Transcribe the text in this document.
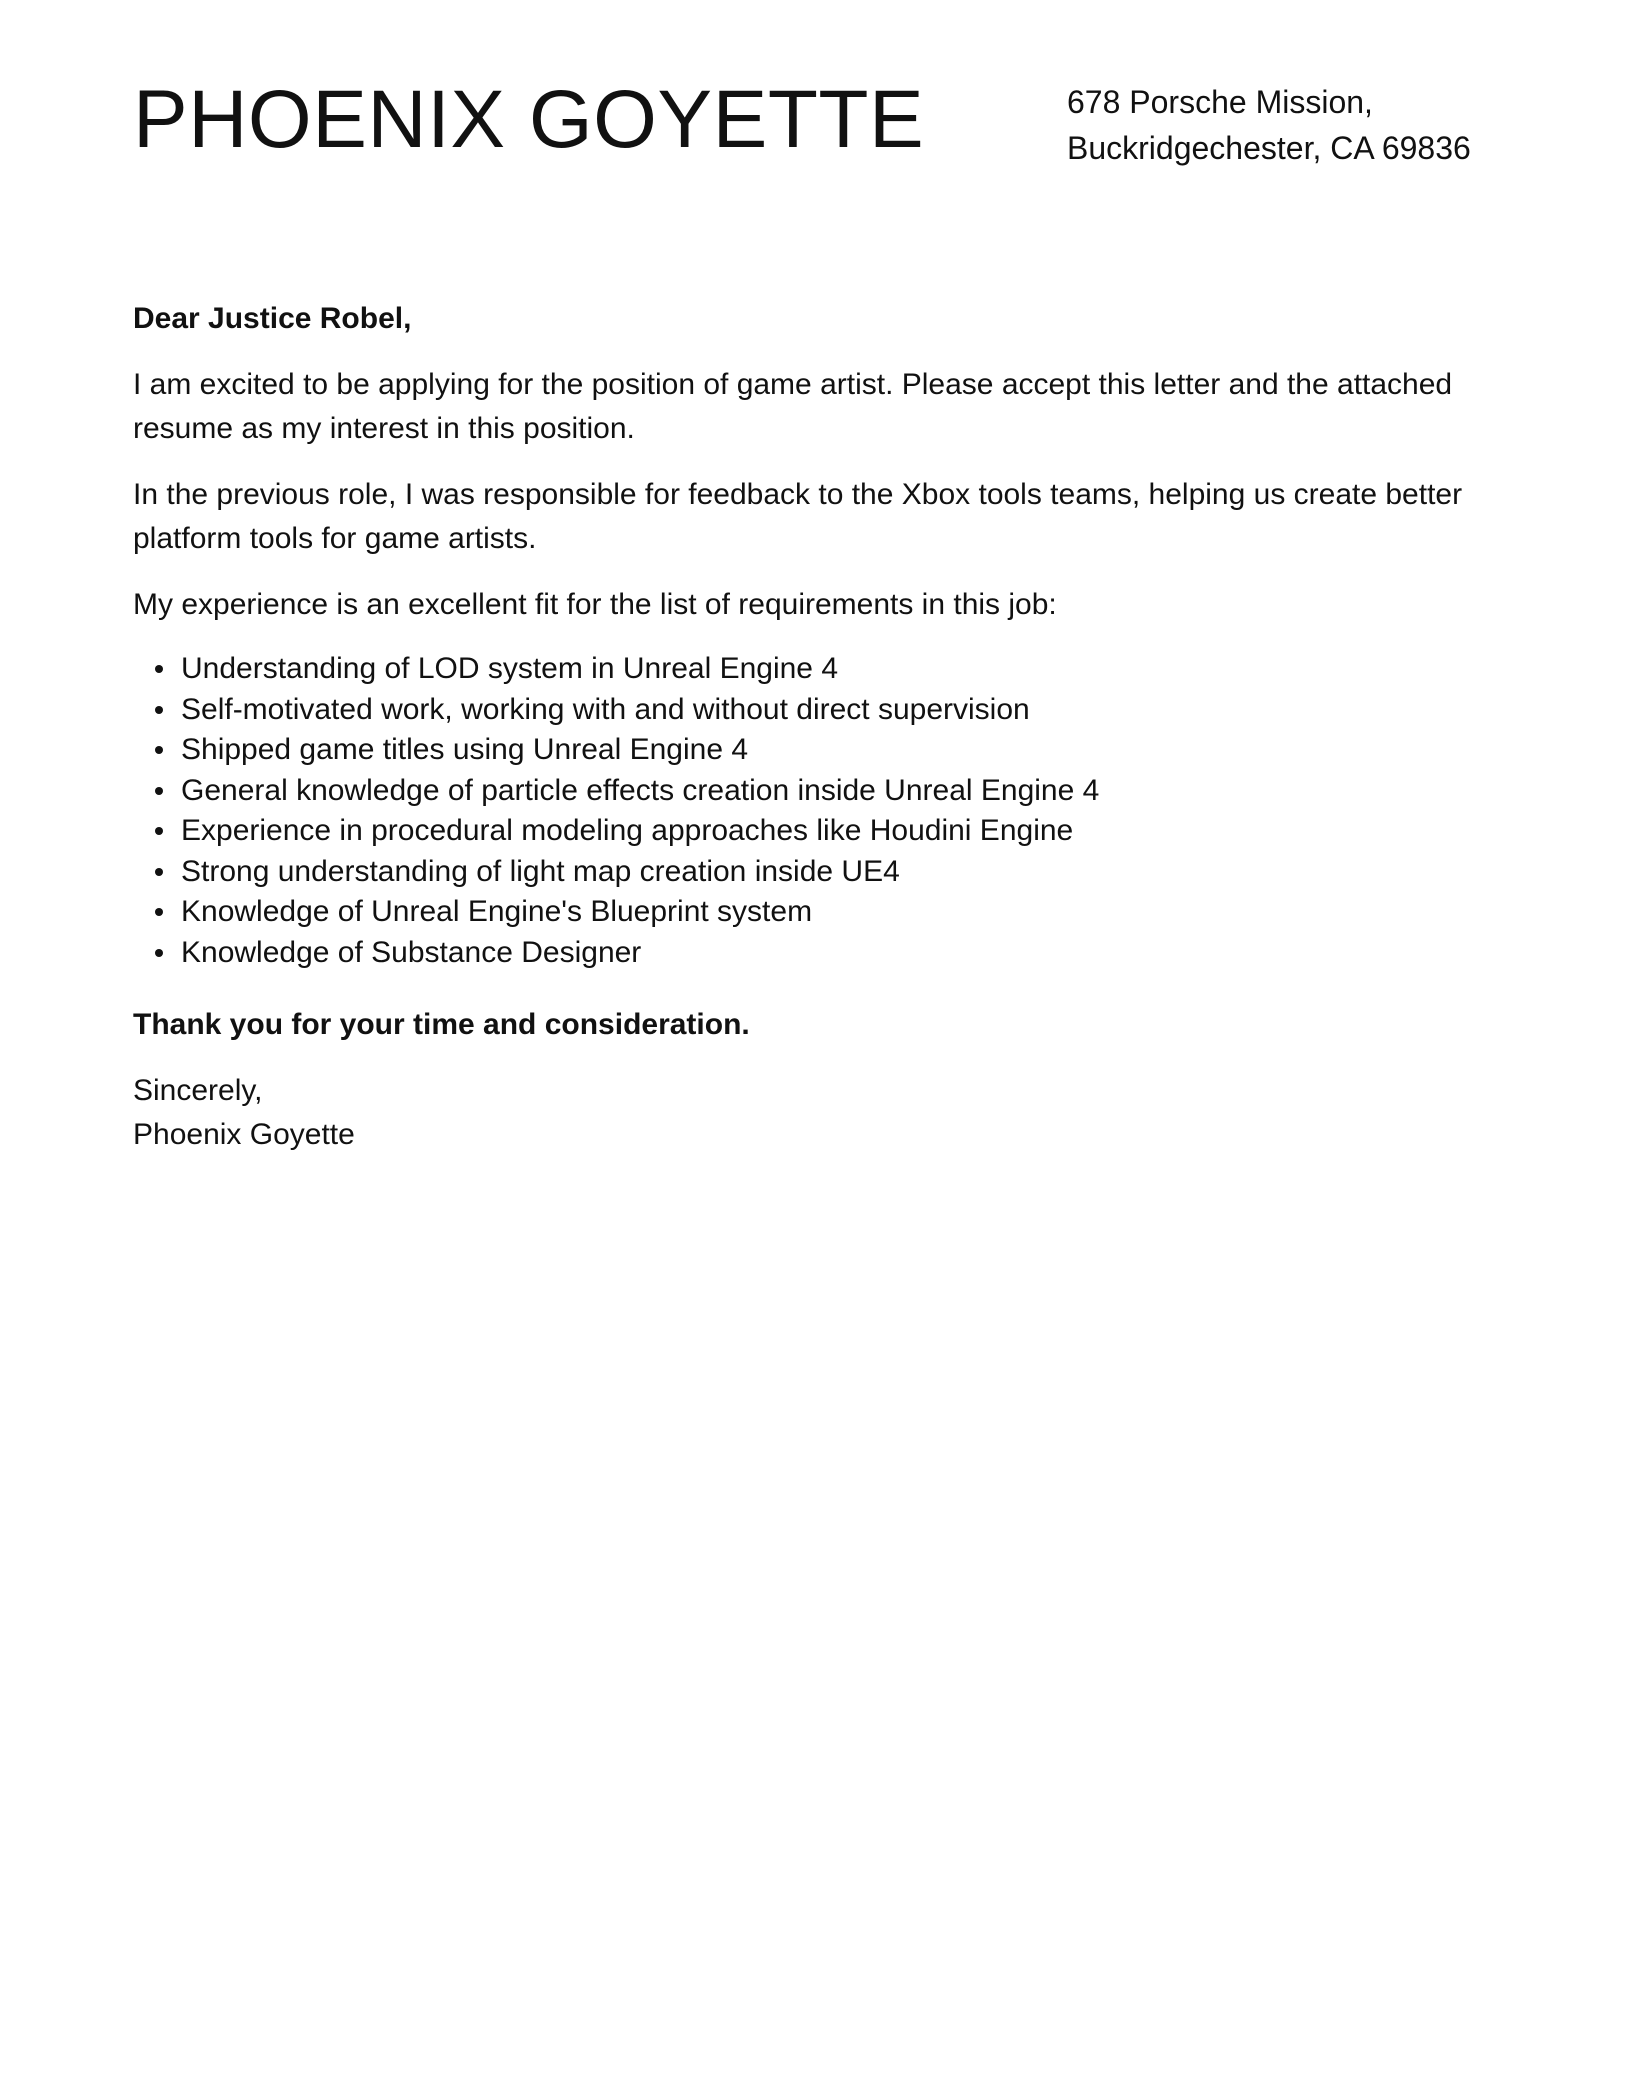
PHOENIX GOYETTE	678 Porsche Mission,
Buckridgechester, CA 69836

Dear Justice Robel,

I am excited to be applying for the position of game artist. Please accept this letter and the attached resume as my interest in this position.

In the previous role, I was responsible for feedback to the Xbox tools teams, helping us create better platform tools for game artists.

My experience is an excellent fit for the list of requirements in this job:

Understanding of LOD system in Unreal Engine 4
Self-motivated work, working with and without direct supervision
Shipped game titles using Unreal Engine 4
General knowledge of particle effects creation inside Unreal Engine 4
Experience in procedural modeling approaches like Houdini Engine
Strong understanding of light map creation inside UE4
Knowledge of Unreal Engine's Blueprint system
Knowledge of Substance Designer

Thank you for your time and consideration.

Sincerely,
Phoenix Goyette
